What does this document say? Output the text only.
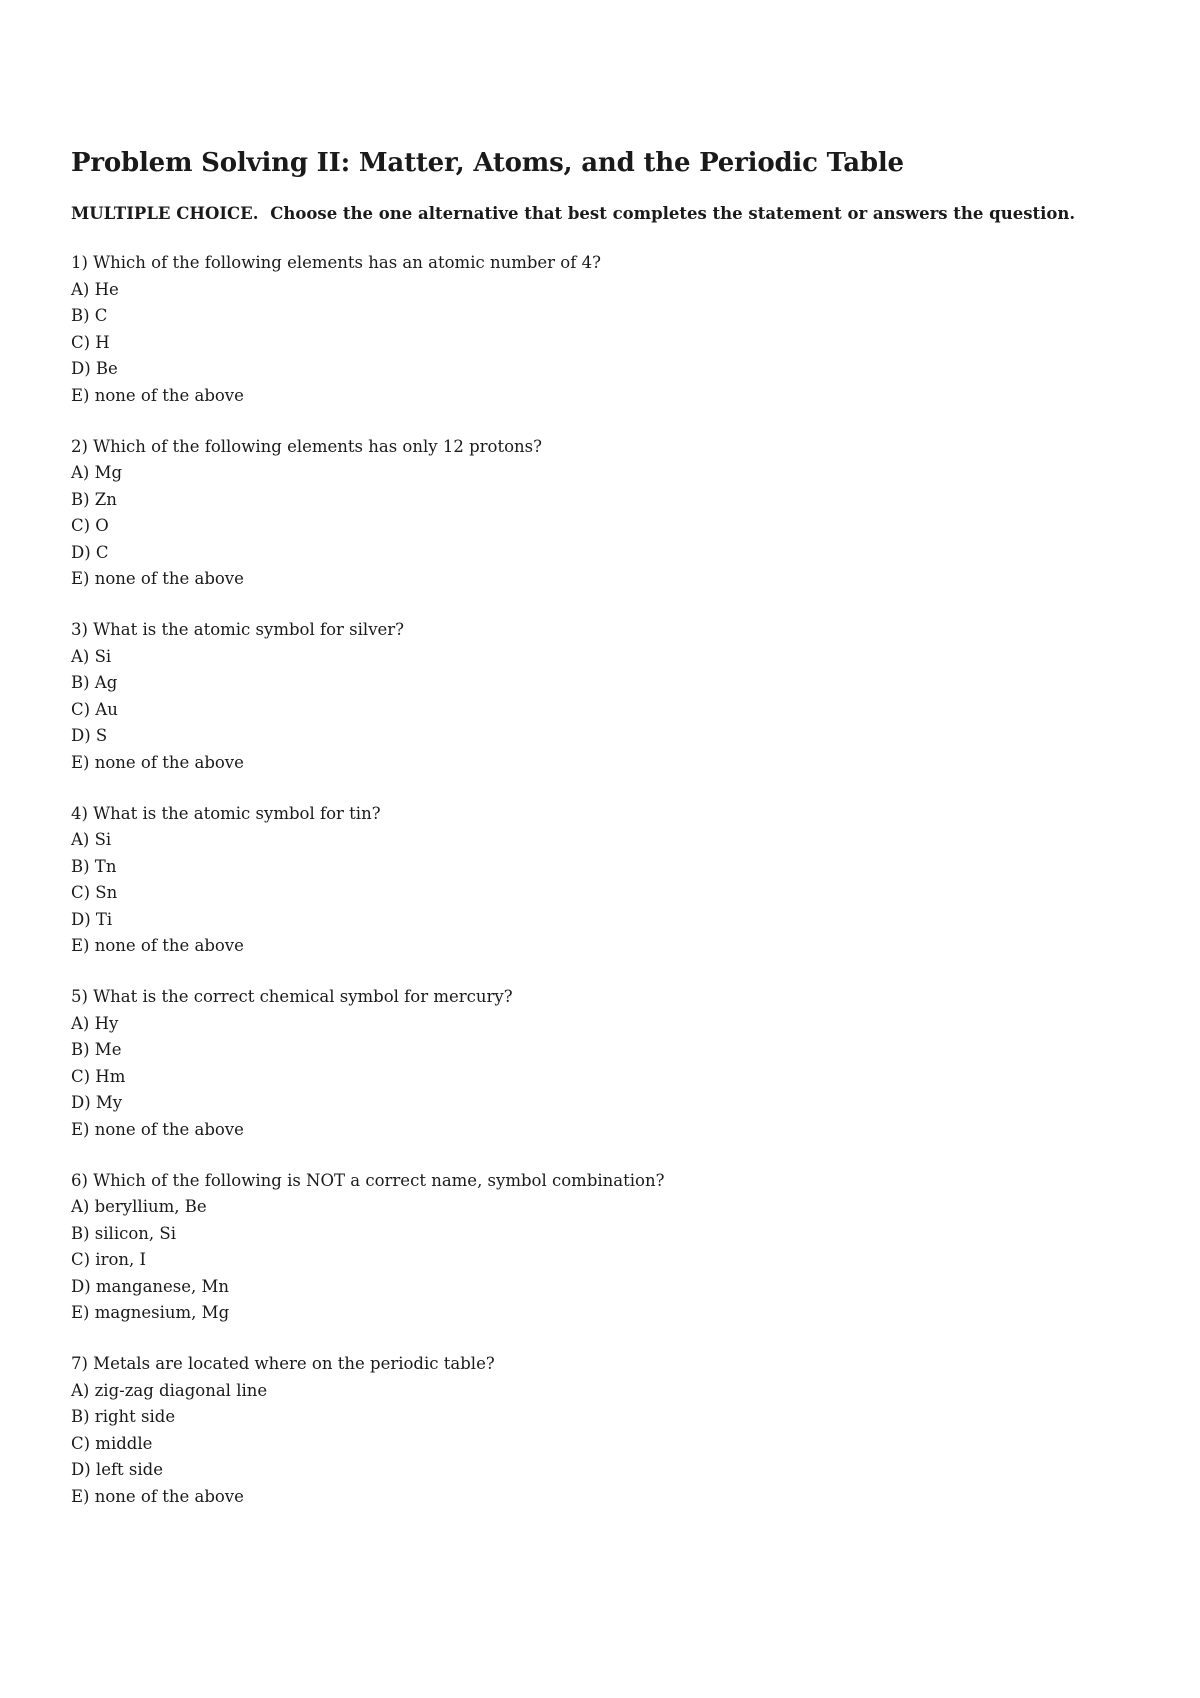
Problem Solving II: Matter, Atoms, and the Periodic Table
MULTIPLE CHOICE. Choose the one alternative that best completes the statement or answers the question.
1) Which of the following elements has an atomic number of 4?
A) He
B) C
C) H
D) Be
E) none of the above
2) Which of the following elements has only 12 protons?
A) Mg
B) Zn
C) O
D) C
E) none of the above
3) What is the atomic symbol for silver?
A) Si
B) Ag
C) Au
D) S
E) none of the above
4) What is the atomic symbol for tin?
A) Si
B) Tn
C) Sn
D) Ti
E) none of the above
5) What is the correct chemical symbol for mercury?
A) Hy
B) Me
C) Hm
D) My
E) none of the above
6) Which of the following is NOT a correct name, symbol combination?
A) beryllium, Be
B) silicon, Si
C) iron, I
D) manganese, Mn
E) magnesium, Mg
7) Metals are located where on the periodic table?
A) zig-zag diagonal line
B) right side
C) middle
D) left side
E) none of the above
